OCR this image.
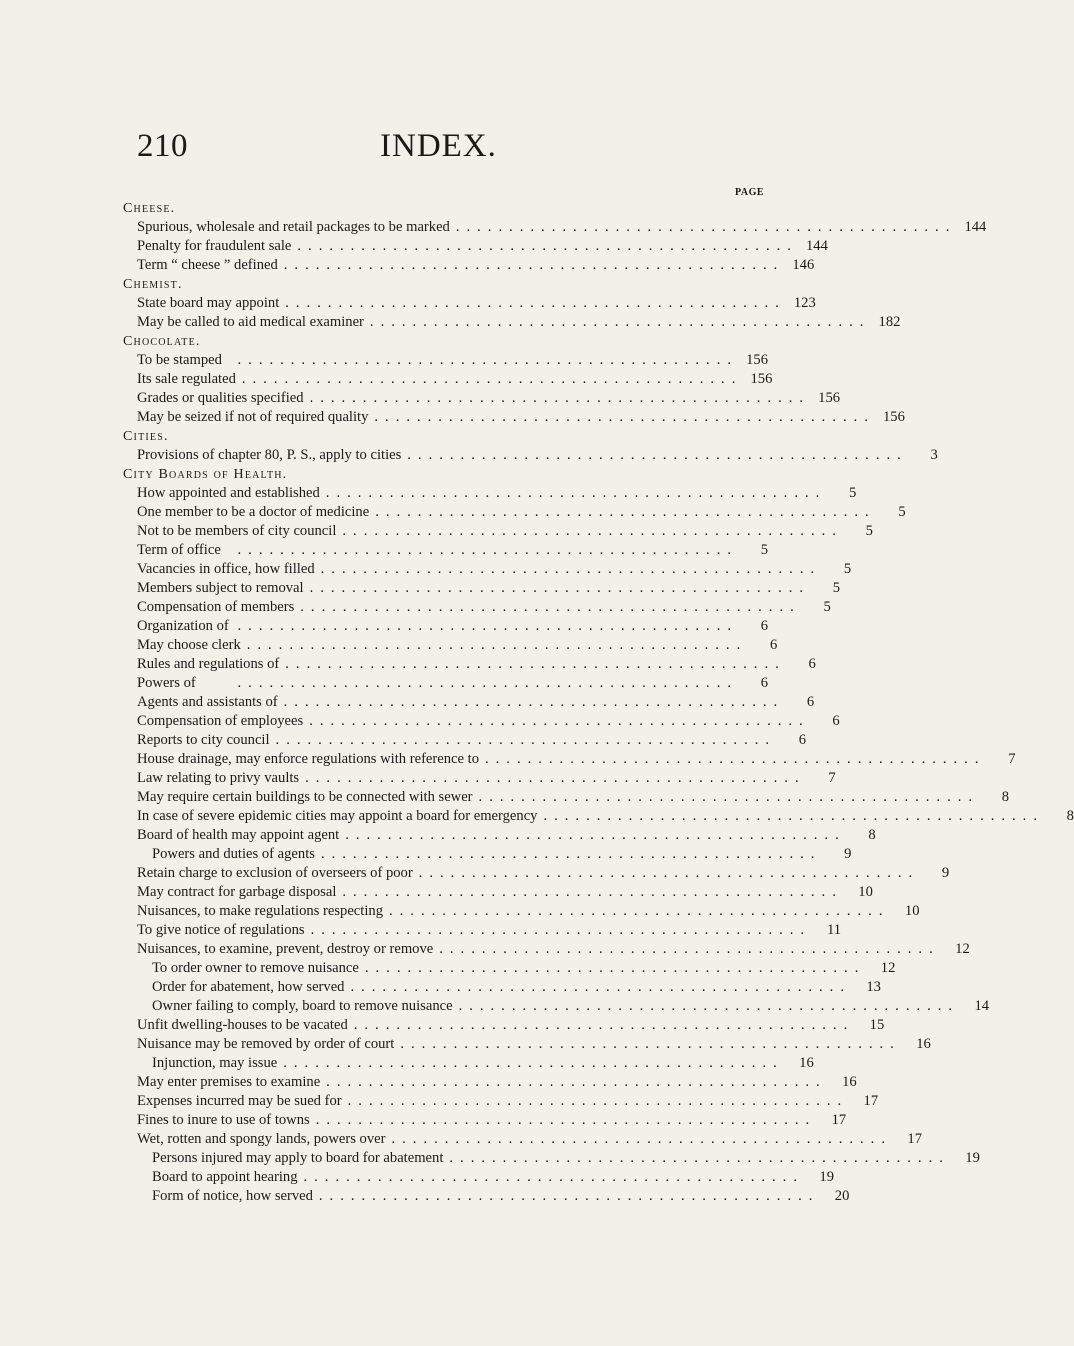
210	INDEX.
PAGE
Cheese.
Spurious, wholesale and retail packages to be marked ............................................... 144
Penalty for fraudulent sale ............................................... 144
Term “ cheese ” defined ............................................... 146
Chemist.
State board may appoint ............................................... 123
May be called to aid medical examiner ............................................... 182
Chocolate.
To be stamped	............................................... 156
Its sale regulated ............................................... 156
Grades or qualities specified ............................................... 156
May be seized if not of required quality ............................................... 156
Cities.
Provisions of chapter 80, P. S., apply to cities ...............................................	3
City Boards of Health.
How appointed and established ...............................................	5
One member to be a doctor of medicine ...............................................	5
Not to be members of city council ...............................................	5
Term of office	...............................................	5
Vacancies in office, how filled ...............................................	5
Members subject to removal ...............................................	5
Compensation of members ...............................................	5
Organization of ...............................................	6
May choose clerk ...............................................	6
Rules and regulations of ...............................................	6
Powers of	...............................................	6
Agents and assistants of ...............................................	6
Compensation of employees ...............................................	6
Reports to city council ...............................................	6
House drainage, may enforce regulations with reference to ...............................................	7
Law relating to privy vaults ...............................................	7
May require certain buildings to be connected with sewer ...............................................	8
In case of severe epidemic cities may appoint a board for emergency ...............................................	8
Board of health may appoint agent ...............................................	8
Powers and duties of agents ...............................................	9
Retain charge to exclusion of overseers of poor ...............................................	9
May contract for garbage disposal ...............................................	10
Nuisances, to make regulations respecting ...............................................	10
To give notice of regulations ...............................................	11
Nuisances, to examine, prevent, destroy or remove ...............................................	12
To order owner to remove nuisance ...............................................	12
Order for abatement, how served ...............................................	13
Owner failing to comply, board to remove nuisance ...............................................	14
Unfit dwelling-houses to be vacated ...............................................	15
Nuisance may be removed by order of court ...............................................	16
Injunction, may issue ...............................................	16
May enter premises to examine ...............................................	16
Expenses incurred may be sued for ...............................................	17
Fines to inure to use of towns ...............................................	17
Wet, rotten and spongy lands, powers over ...............................................	17
Persons injured may apply to board for abatement ...............................................	19
Board to appoint hearing ...............................................	19
Form of notice, how served ...............................................	20
